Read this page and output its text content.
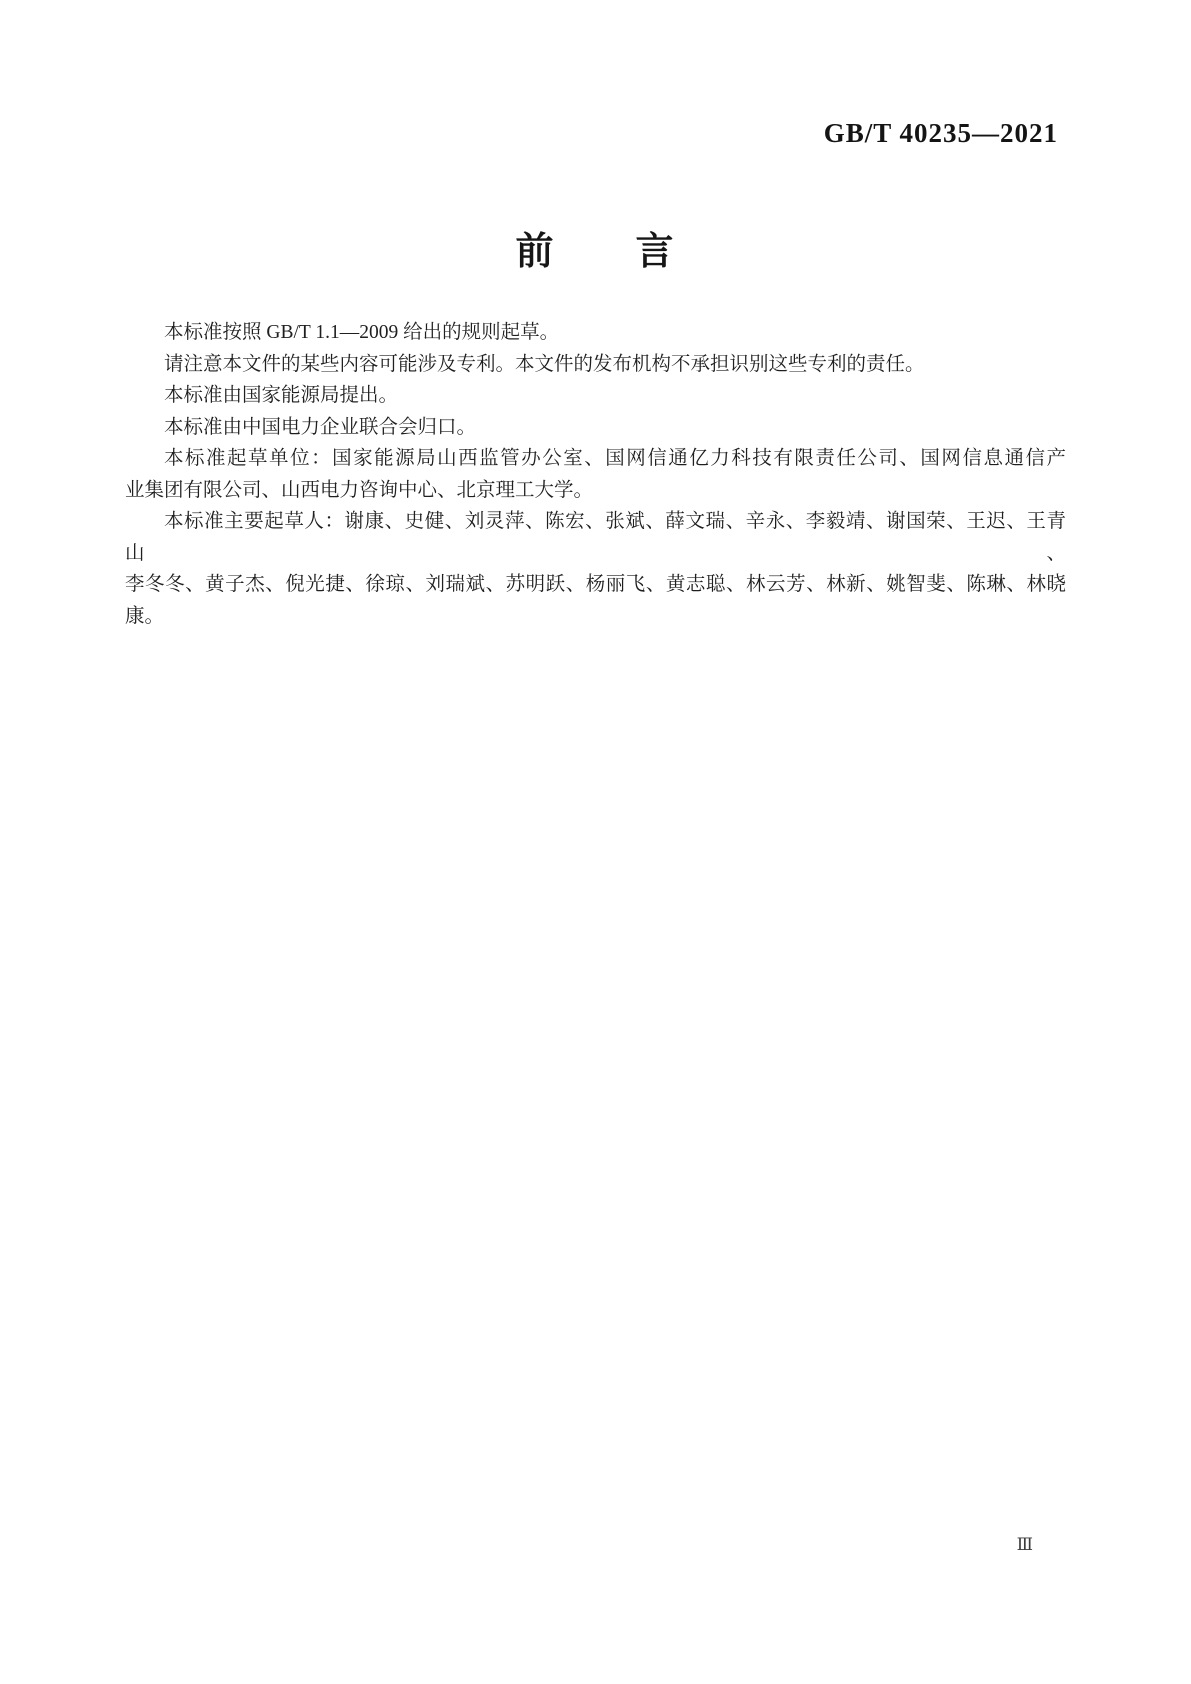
GB/T 40235—2021
前　　言
本标准按照 GB/T 1.1—2009 给出的规则起草。
请注意本文件的某些内容可能涉及专利。本文件的发布机构不承担识别这些专利的责任。
本标准由国家能源局提出。
本标准由中国电力企业联合会归口。
本标准起草单位：国家能源局山西监管办公室、国网信通亿力科技有限责任公司、国网信息通信产
业集团有限公司、山西电力咨询中心、北京理工大学。
本标准主要起草人：谢康、史健、刘灵萍、陈宏、张斌、薛文瑞、辛永、李毅靖、谢国荣、王迟、王青山、
李冬冬、黄子杰、倪光捷、徐琼、刘瑞斌、苏明跃、杨丽飞、黄志聪、林云芳、林新、姚智斐、陈琳、林晓康。
Ⅲ
